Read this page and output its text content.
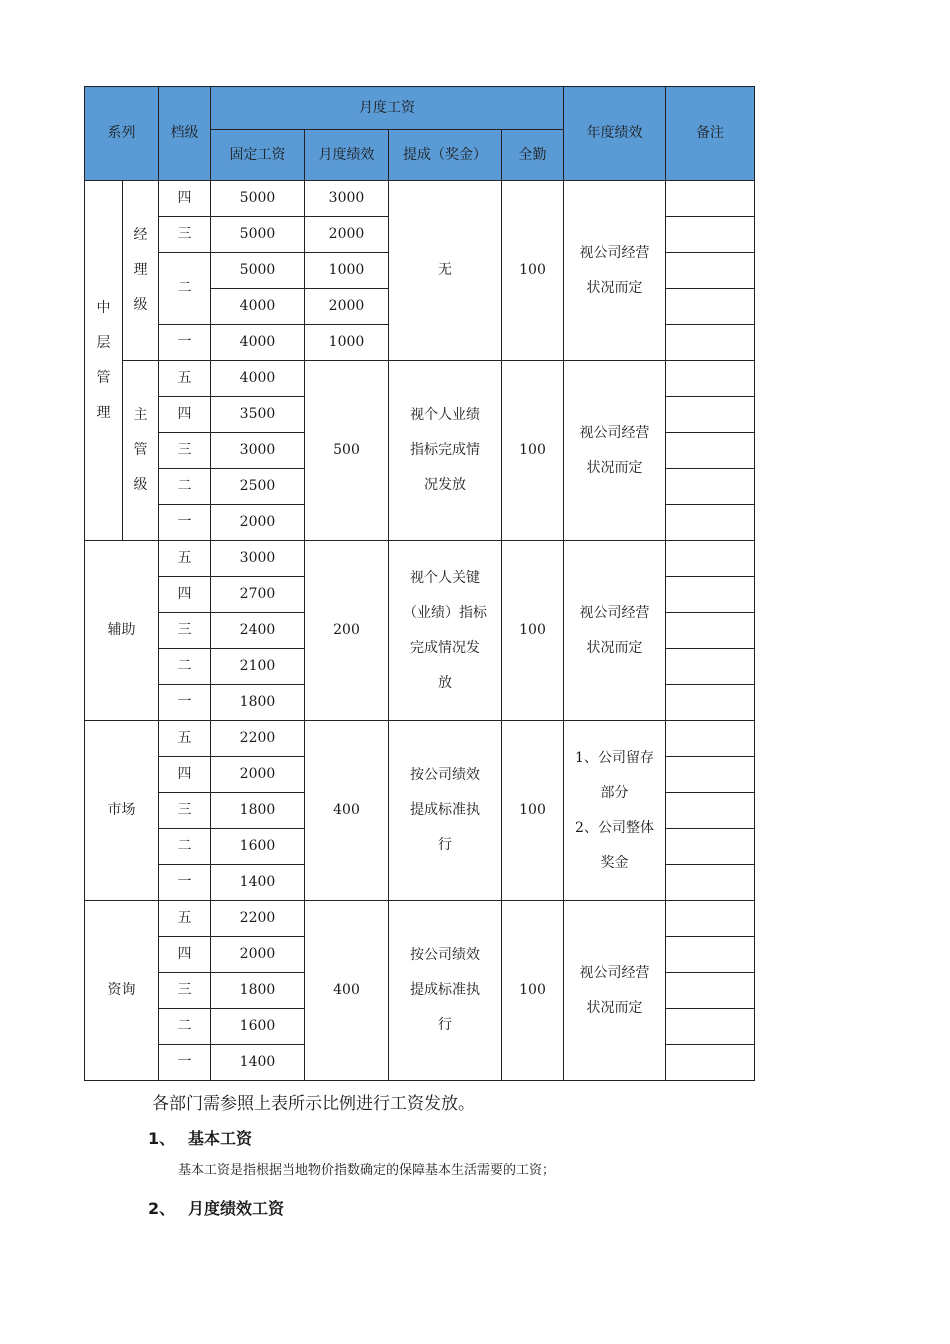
系列		档级	月度工资				年度绩效	备注
			固定工资	月度绩效	提成（奖金）	全勤		

中层管理	经理级	四	5000	3000	无	100	视公司经营
状况而定	

		三	5000	2000				
		二	5000	1000				
			4000	2000				
		一	4000	1000				

	主管级	五	4000	500	视个人业绩
指标完成情
况发放	100	视公司经营
状况而定	

		四	3500					
		三	3000					
		二	2500					
		一	2000					
辅助		五	3000	200	视个人关键
（业绩）指标
完成情况发
放	100	视公司经营
状况而定	

		四	2700					
		三	2400					
		二	2100					
		一	1800					
市场		五	2200	400	按公司绩效
提成标准执
行	100	1、公司留存
部分
2、公司整体
奖金	

		四	2000					
		三	1800					
		二	1600					
		一	1400					
资询		五	2200	400	按公司绩效
提成标准执
行	100	视公司经营
状况而定	

		四	2000					
		三	1800					
		二	1600					
		一	1400					
各部门需参照上表所示比例进行工资发放。
1、 基本工资
基本工资是指根据当地物价指数确定的保障基本生活需要的工资；
2、 月度绩效工资
